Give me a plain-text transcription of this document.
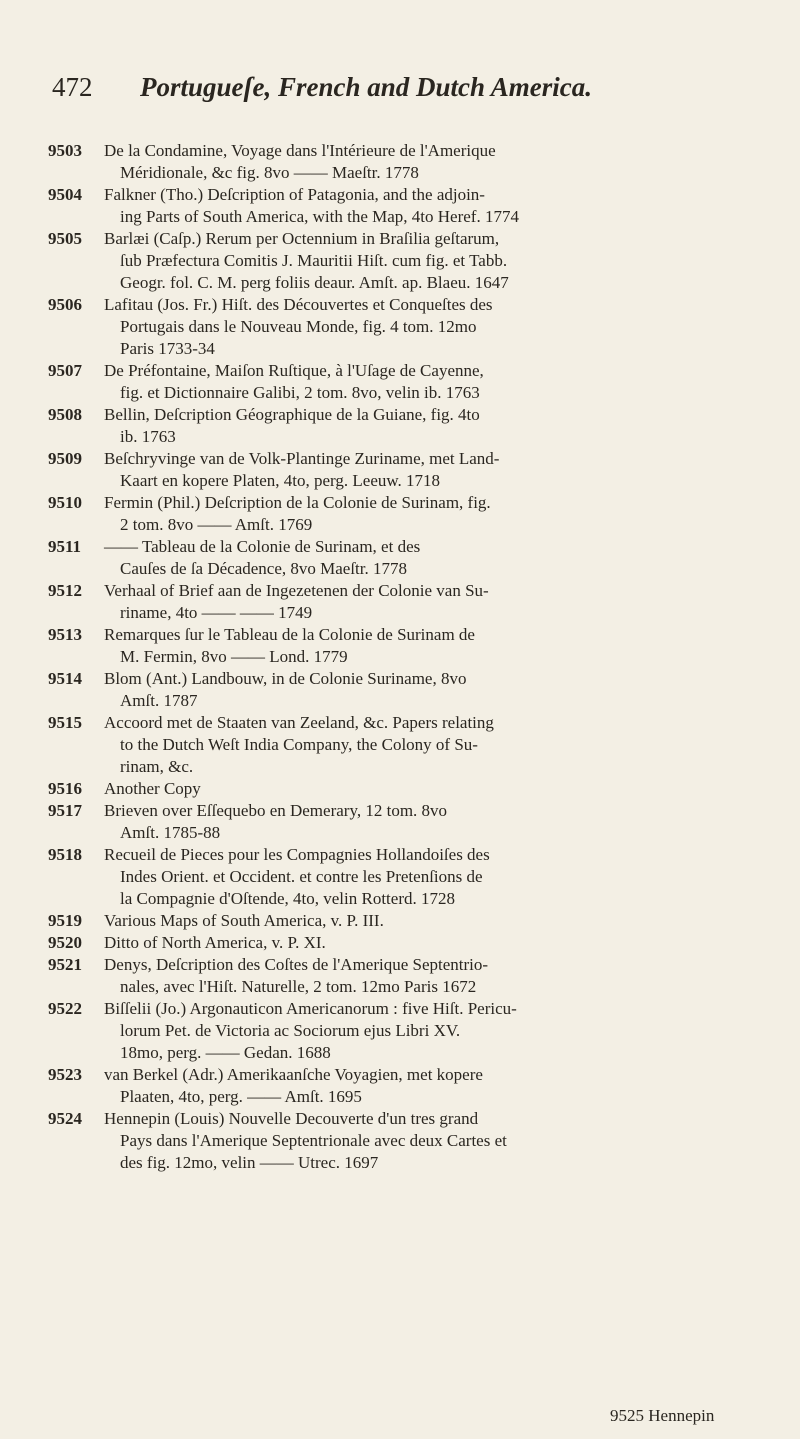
472 Portugueſe, French and Dutch America.
9503	De la Condamine, Voyage dans l'Intérieure de l'Amerique
Méridionale, &c fig. 8vo —— Maeſtr. 1778
9504	Falkner (Tho.) Deſcription of Patagonia, and the adjoin-
ing Parts of South America, with the Map, 4to Heref. 1774
9505	Barlæi (Caſp.) Rerum per Octennium in Braſilia geſtarum,
ſub Præfectura Comitis J. Mauritii Hiſt. cum fig. et Tabb.
Geogr. fol. C. M. perg foliis deaur. Amſt. ap. Blaeu. 1647
9506	Lafitau (Jos. Fr.) Hiſt. des Découvertes et Conqueſtes des
Portugais dans le Nouveau Monde, fig. 4 tom. 12mo
Paris 1733-34
9507	De Préfontaine, Maiſon Ruſtique, à l'Uſage de Cayenne,
fig. et Dictionnaire Galibi, 2 tom. 8vo, velin ib. 1763
9508	Bellin, Deſcription Géographique de la Guiane, fig. 4to
ib. 1763
9509	Beſchryvinge van de Volk-Plantinge Zuriname, met Land-
Kaart en kopere Platen, 4to, perg. Leeuw. 1718
9510	Fermin (Phil.) Deſcription de la Colonie de Surinam, fig.
2 tom. 8vo —— Amſt. 1769
9511	—— Tableau de la Colonie de Surinam, et des
Cauſes de ſa Décadence, 8vo Maeſtr. 1778
9512	Verhaal of Brief aan de Ingezetenen der Colonie van Su-
riname, 4to —— —— 1749
9513	Remarques ſur le Tableau de la Colonie de Surinam de
M. Fermin, 8vo —— Lond. 1779
9514	Blom (Ant.) Landbouw, in de Colonie Suriname, 8vo
Amſt. 1787
9515	Accoord met de Staaten van Zeeland, &c. Papers relating
to the Dutch Weſt India Company, the Colony of Su-
rinam, &c.
9516	Another Copy
9517	Brieven over Eſſequebo en Demerary, 12 tom. 8vo
Amſt. 1785-88
9518	Recueil de Pieces pour les Compagnies Hollandoiſes des
Indes Orient. et Occident. et contre les Pretenſions de
la Compagnie d'Oſtende, 4to, velin Rotterd. 1728
9519	Various Maps of South America, v. P. III.
9520	Ditto of North America, v. P. XI.
9521	Denys, Deſcription des Coſtes de l'Amerique Septentrio-
nales, avec l'Hiſt. Naturelle, 2 tom. 12mo Paris 1672
9522	Biſſelii (Jo.) Argonauticon Americanorum : five Hiſt. Pericu-
lorum Pet. de Victoria ac Sociorum ejus Libri XV.
18mo, perg. —— Gedan. 1688
9523	van Berkel (Adr.) Amerikaanſche Voyagien, met kopere
Plaaten, 4to, perg. —— Amſt. 1695
9524	Hennepin (Louis) Nouvelle Decouverte d'un tres grand
Pays dans l'Amerique Septentrionale avec deux Cartes et
des fig. 12mo, velin —— Utrec. 1697
9525 Hennepin
